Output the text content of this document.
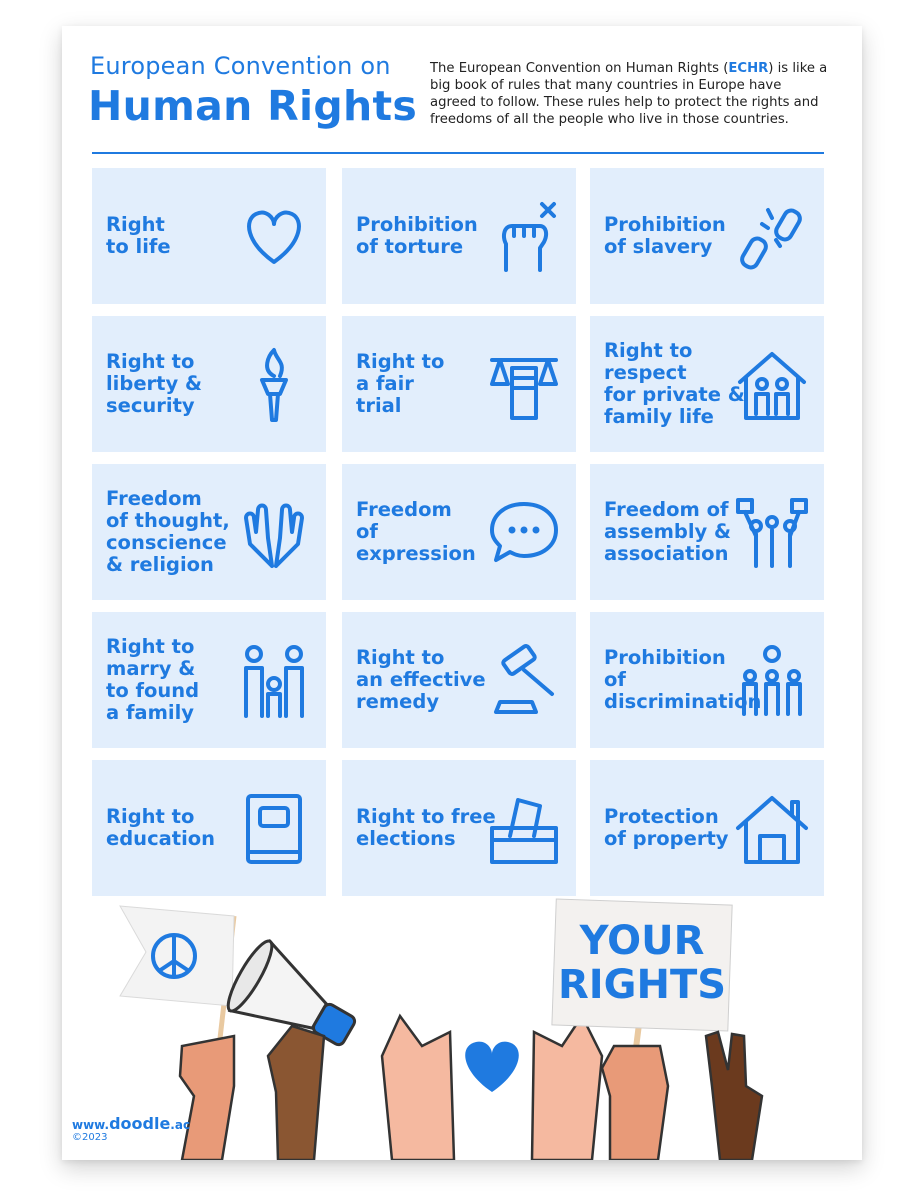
European Convention on
Human Rights
The European Convention on Human Rights (ECHR) is like a big book of rules that many countries in Europe have agreed to follow. These rules help to protect the rights and freedoms of all the people who live in those countries.
Right
to life
Prohibition
of torture
Prohibition
of slavery
Right to
liberty &
security
Right to
a fair
trial
Right to
respect
for private &
family life
Freedom
of thought,
conscience
& religion
Freedom
of
expression
Freedom of
assembly &
association
Right to
marry &
to found
a family
Right to
an effective
remedy
Prohibition
of discrimination
Right to
education
Right to free
elections
Protection
of property
YOUR
RIGHTS
www.doodle.ac
©2023
